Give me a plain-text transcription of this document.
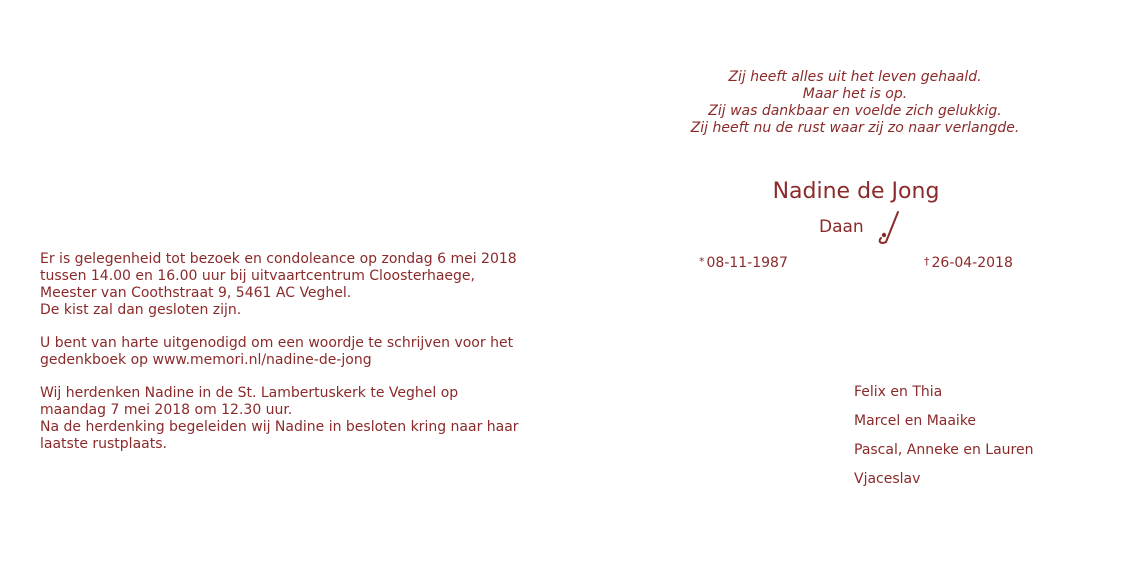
Er is gelegenheid tot bezoek en condoleance op zondag 6 mei 2018
tussen 14.00 en 16.00 uur bij uitvaartcentrum Cloosterhaege,
Meester van Coothstraat 9, 5461 AC Veghel.
De kist zal dan gesloten zijn.
U bent van harte uitgenodigd om een woordje te schrijven voor het
gedenkboek op www.memori.nl/nadine-de-jong
Wij herdenken Nadine in de St. Lambertuskerk te Veghel op
maandag 7 mei 2018 om 12.30 uur.
Na de herdenking begeleiden wij Nadine in besloten kring naar haar
laatste rustplaats.
Zij heeft alles uit het leven gehaald.
Maar het is op.
Zij was dankbaar en voelde zich gelukkig.
Zij heeft nu de rust waar zij zo naar verlangde.
Nadine de Jong
Daan
* 08-11-1987	† 26-04-2018
Felix en Thia
Marcel en Maaike
Pascal, Anneke en Lauren
Vjaceslav
